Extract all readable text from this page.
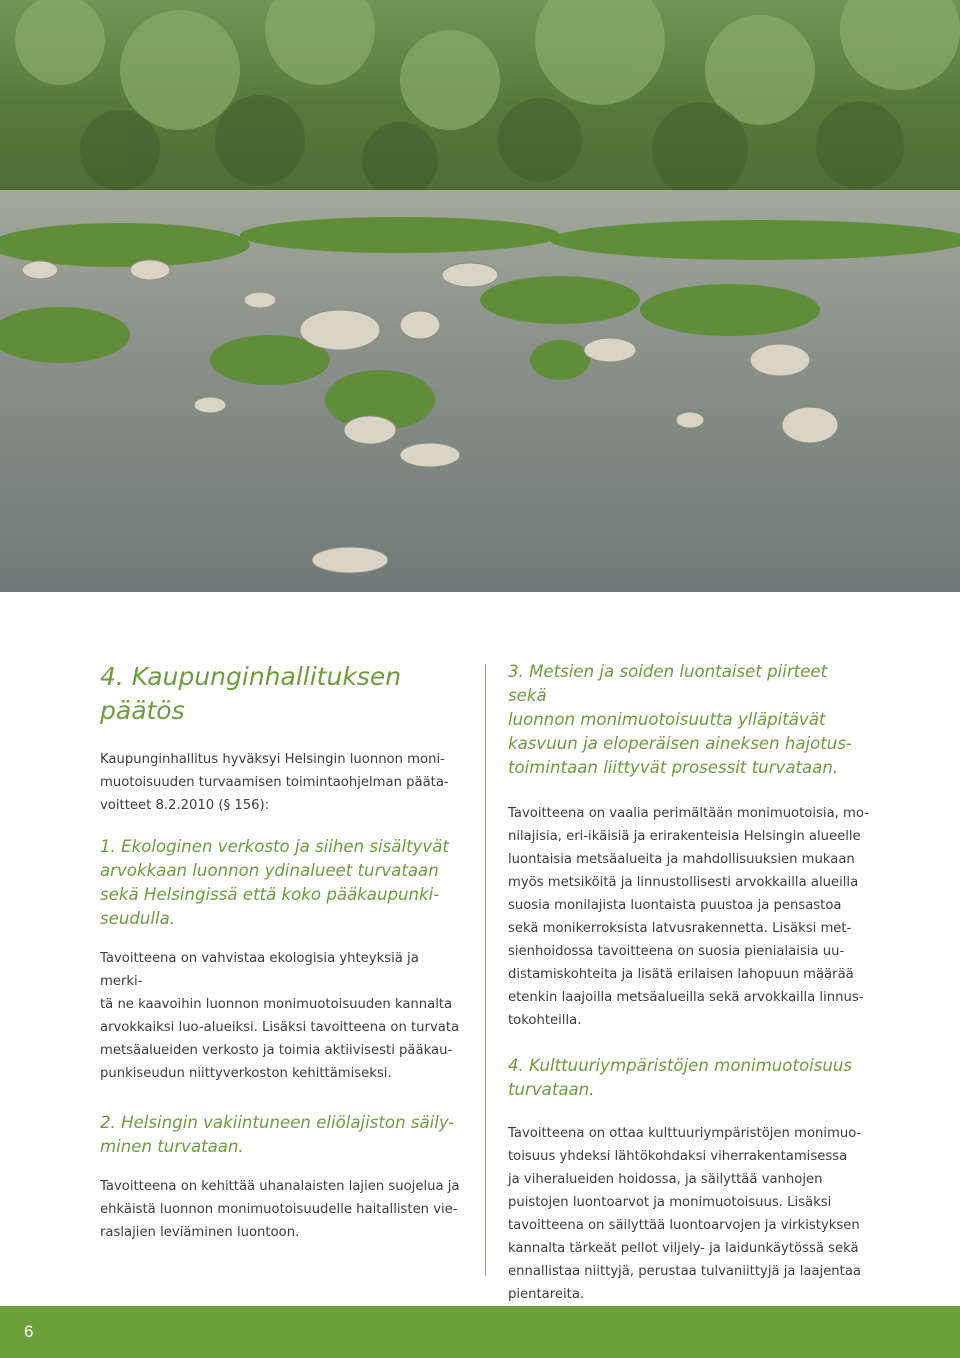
4. Kaupunginhallituksen
päätös

Kaupunginhallitus hyväksyi Helsingin luonnon moni-
muotoisuuden turvaamisen toimintaohjelman päätа-
voitteet 8.2.2010 (§ 156):

1. Ekologinen verkosto ja siihen sisältyvät
arvokkaan luonnon ydinalueet turvataan
sekä Helsingissä että koko pääkaupunki-
seudulla.

Tavoitteena on vahvistaa ekologisia yhteyksiä ja merki-
tä ne kaavoihin luonnon monimuotoisuuden kannalta
arvokkaiksi luo-alueiksi. Lisäksi tavoitteena on turvata
metsäalueiden verkosto ja toimia aktiivisesti pääkau-
punkiseudun niittyverkoston kehittämiseksi.

2. Helsingin vakiintuneen eliölajiston säily-
minen turvataan.

Tavoitteena on kehittää uhanalaisten lajien suojelua ja
ehkäistä luonnon monimuotoisuudelle haitallisten vie-
raslajien leviäminen luontoon.

3. Metsien ja soiden luontaiset piirteet sekä
luonnon monimuotoisuutta ylläpitävät
kasvuun ja eloperäisen aineksen hajotus-
toimintaan liittyvät prosessit turvataan.

Tavoitteena on vaalia perimältään monimuotoisia, mo-
nilajisia, eri-ikäisiä ja erirakenteisia Helsingin alueelle
luontaisia metsäalueita ja mahdollisuuksien mukaan
myös metsiköitä ja linnustollisesti arvokkailla alueilla
suosia monilajista luontaista puustoa ja pensastoa
sekä monikerroksista latvusrakennetta. Lisäksi met-
sienhoidossa tavoitteena on suosia pienialaisia uu-
distamiskohteita ja lisätä erilaisen lahopuun määrää
etenkin laajoilla metsäalueilla sekä arvokkailla linnus-
tokohteilla.

4. Kulttuuriympäristöjen monimuotoisuus
turvataan.

Tavoitteena on ottaa kulttuuriympäristöjen monimuo-
toisuus yhdeksi lähtökohdaksi viherrakentamisessa
ja viheralueiden hoidossa, ja säilyttää vanhojen
puistojen luontoarvot ja monimuotoisuus. Lisäksi
tavoitteena on säilyttää luontoarvojen ja virkistyksen
kannalta tärkeät pellot viljely- ja laidunkäytössä sekä
ennallistaa niittyjä, perustaa tulvaniittyjä ja laajentaa
pientareita.

6
